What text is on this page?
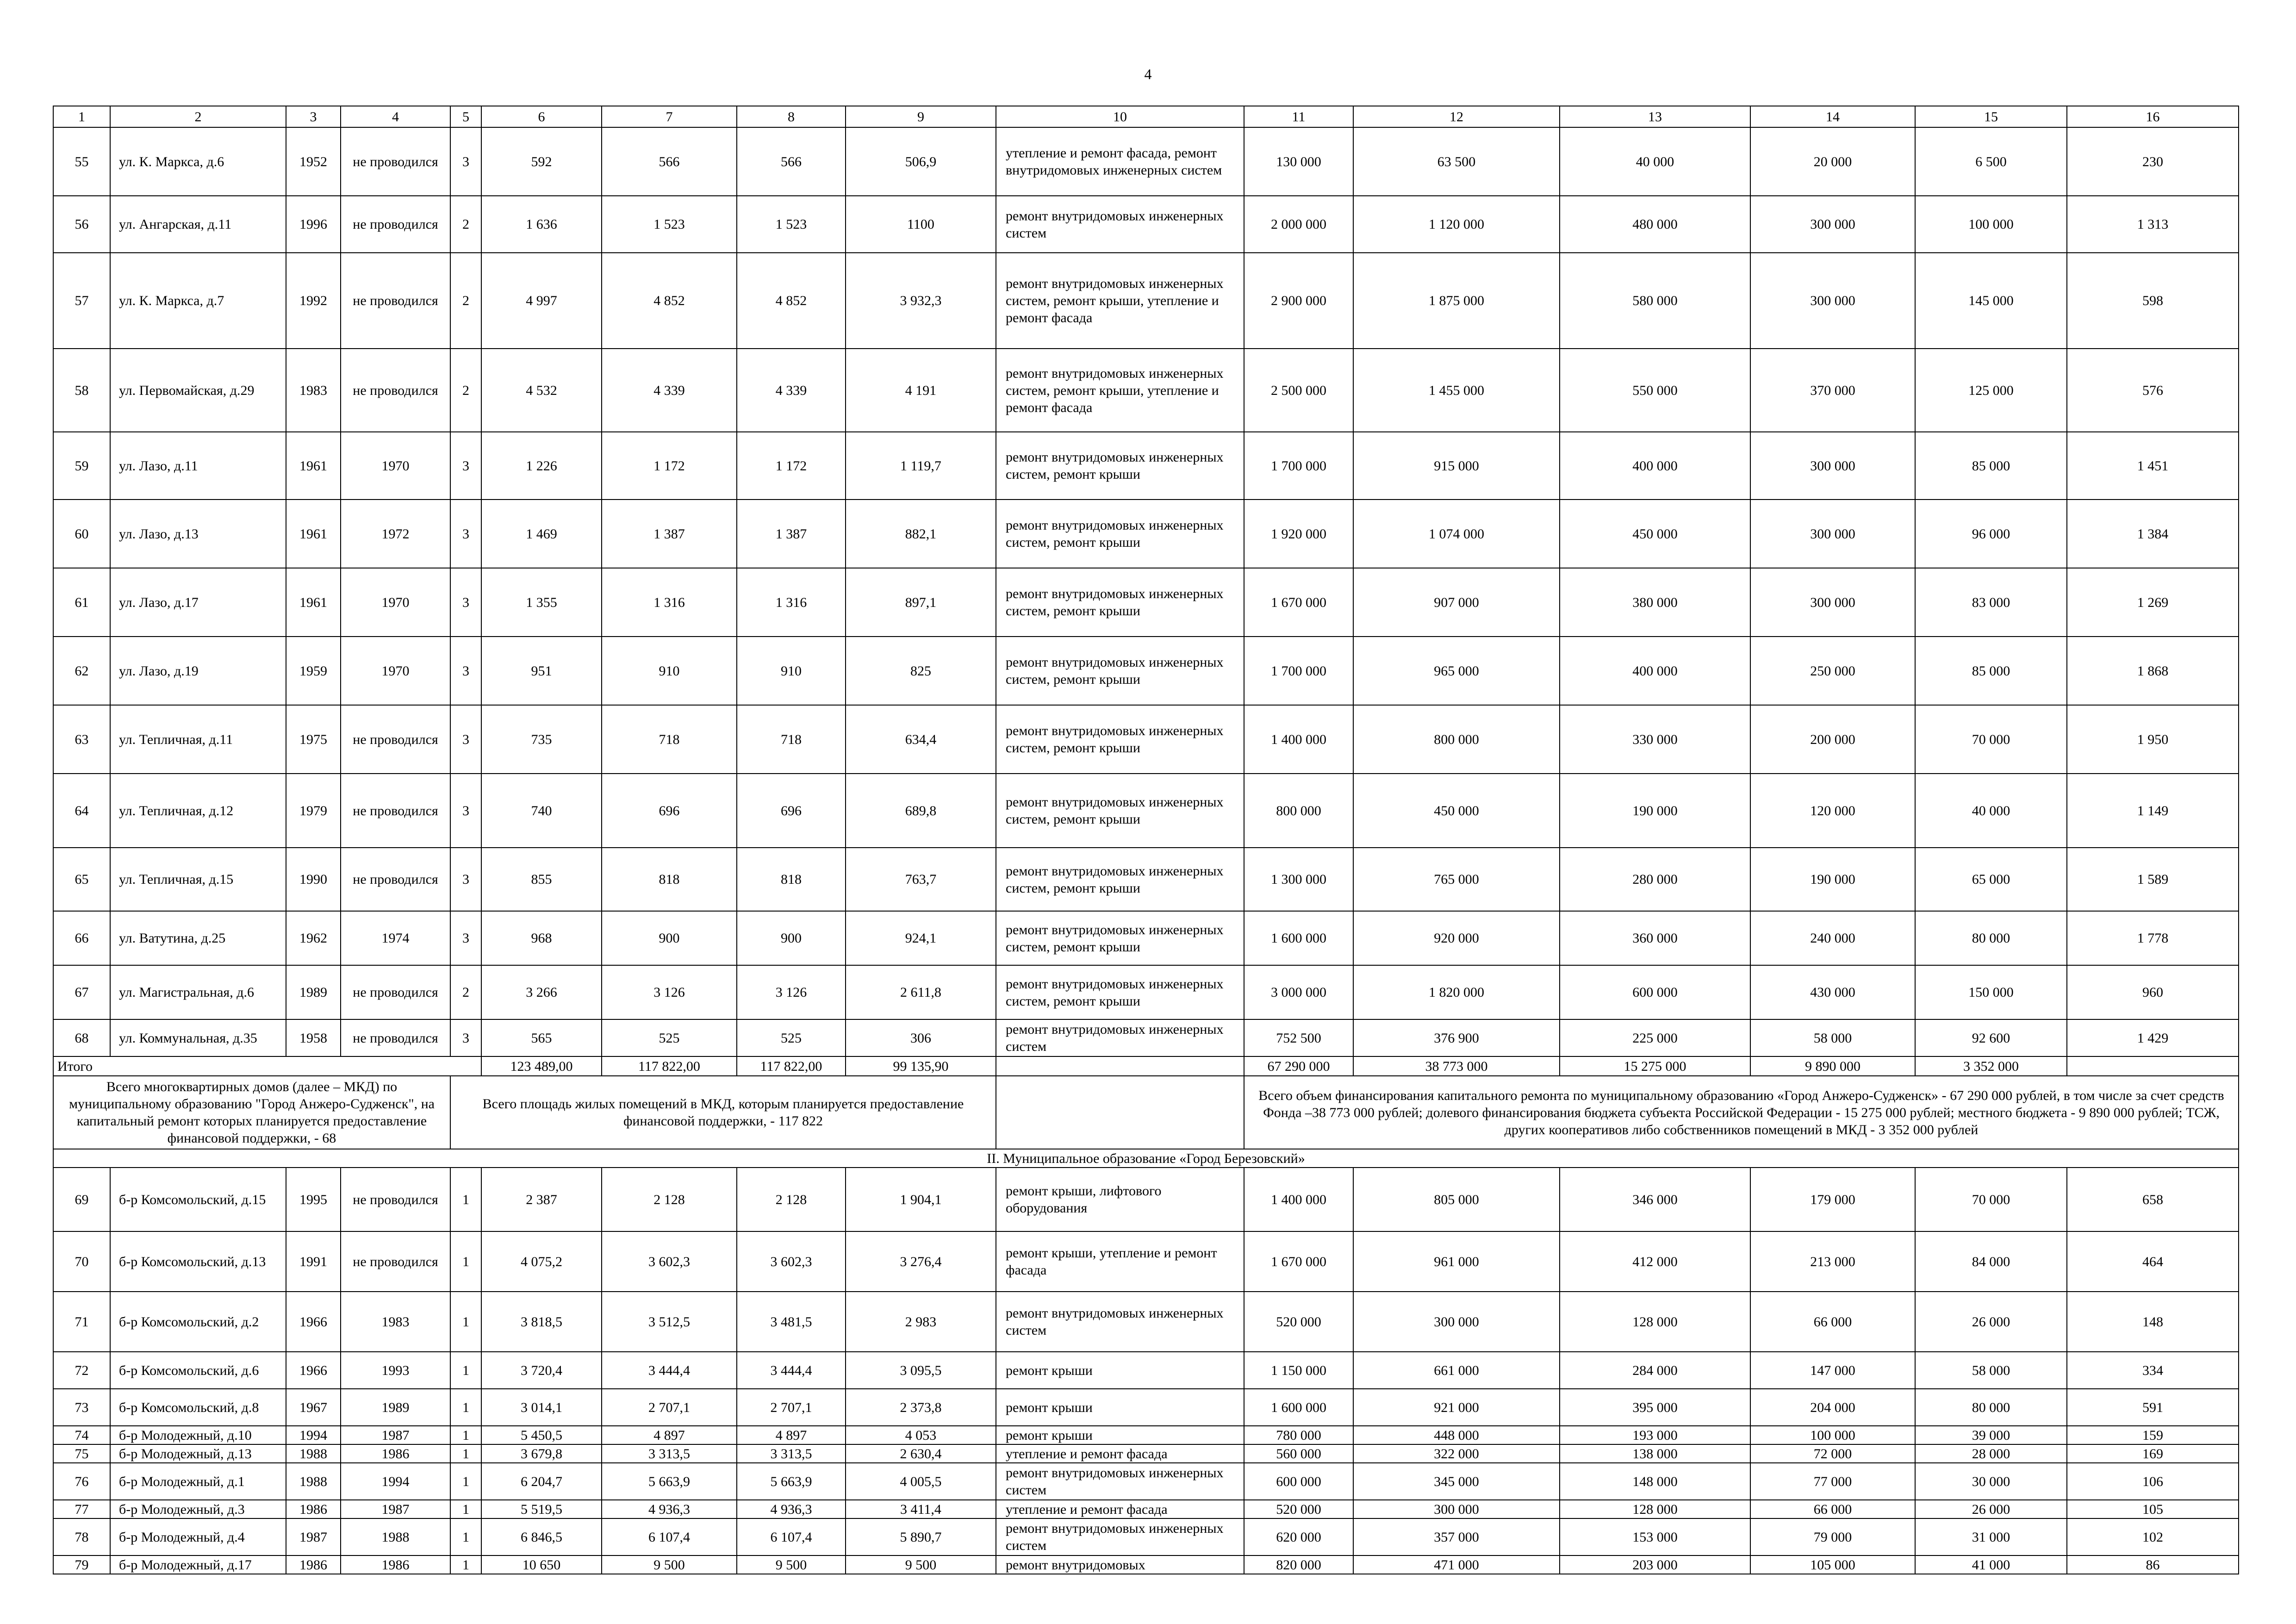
4
1	2	3	4	5	6	7	8	9	10	11	12	13	14	15	16
55	ул. К. Маркса, д.6	1952	не проводился	3	592	566	566	506,9	утепление и ремонт фасада, ремонт внутридомовых инженерных систем	130 000	63 500	40 000	20 000	6 500	230
56	ул. Ангарская, д.11	1996	не проводился	2	1 636	1 523	1 523	1100	ремонт внутридомовых инженерных систем	2 000 000	1 120 000	480 000	300 000	100 000	1 313
57	ул. К. Маркса, д.7	1992	не проводился	2	4 997	4 852	4 852	3 932,3	ремонт внутридомовых инженерных систем, ремонт крыши, утепление и ремонт фасада	2 900 000	1 875 000	580 000	300 000	145 000	598
58	ул. Первомайская, д.29	1983	не проводился	2	4 532	4 339	4 339	4 191	ремонт внутридомовых инженерных систем, ремонт крыши, утепление и ремонт фасада	2 500 000	1 455 000	550 000	370 000	125 000	576
59	ул. Лазо, д.11	1961	1970	3	1 226	1 172	1 172	1 119,7	ремонт внутридомовых инженерных систем, ремонт крыши	1 700 000	915 000	400 000	300 000	85 000	1 451
60	ул. Лазо, д.13	1961	1972	3	1 469	1 387	1 387	882,1	ремонт внутридомовых инженерных систем, ремонт крыши	1 920 000	1 074 000	450 000	300 000	96 000	1 384
61	ул. Лазо, д.17	1961	1970	3	1 355	1 316	1 316	897,1	ремонт внутридомовых инженерных систем, ремонт крыши	1 670 000	907 000	380 000	300 000	83 000	1 269
62	ул. Лазо, д.19	1959	1970	3	951	910	910	825	ремонт внутридомовых инженерных систем, ремонт крыши	1 700 000	965 000	400 000	250 000	85 000	1 868
63	ул. Тепличная, д.11	1975	не проводился	3	735	718	718	634,4	ремонт внутридомовых инженерных систем, ремонт крыши	1 400 000	800 000	330 000	200 000	70 000	1 950
64	ул. Тепличная, д.12	1979	не проводился	3	740	696	696	689,8	ремонт внутридомовых инженерных систем, ремонт крыши	800 000	450 000	190 000	120 000	40 000	1 149
65	ул. Тепличная, д.15	1990	не проводился	3	855	818	818	763,7	ремонт внутридомовых инженерных систем, ремонт крыши	1 300 000	765 000	280 000	190 000	65 000	1 589
66	ул. Ватутина, д.25	1962	1974	3	968	900	900	924,1	ремонт внутридомовых инженерных систем, ремонт крыши	1 600 000	920 000	360 000	240 000	80 000	1 778
67	ул. Магистральная, д.6	1989	не проводился	2	3 266	3 126	3 126	2 611,8	ремонт внутридомовых инженерных систем, ремонт крыши	3 000 000	1 820 000	600 000	430 000	150 000	960
68	ул. Коммунальная, д.35	1958	не проводился	3	565	525	525	306	ремонт внутридомовых инженерных систем	752 500	376 900	225 000	58 000	92 600	1 429
Итого					123 489,00	117 822,00	117 822,00	99 135,90		67 290 000	38 773 000	15 275 000	9 890 000	3 352 000	
Всего многоквартирных домов (далее – МКД) по муниципальному образованию "Город Анжеро-Судженск", на капитальный ремонт которых планируется предоставление финансовой поддержки, - 68				Всего площадь жилых помещений в МКД, которым планируется предоставление финансовой поддержки, - 117 822						Всего объем финансирования капитального ремонта по муниципальному образованию «Город Анжеро-Судженск» - 67 290 000 рублей, в том числе за счет средств Фонда –38 773 000 рублей; долевого финансирования бюджета субъекта Российской Федерации - 15 275 000 рублей; местного бюджета - 9 890 000 рублей; ТСЖ, других кооперативов либо собственников помещений в МКД - 3 352 000 рублей					
II. Муниципальное образование «Город Березовский»															
69	б-р Комсомольский, д.15	1995	не проводился	1	2 387	2 128	2 128	1 904,1	ремонт крыши, лифтового оборудования	1 400 000	805 000	346 000	179 000	70 000	658
70	б-р Комсомольский, д.13	1991	не проводился	1	4 075,2	3 602,3	3 602,3	3 276,4	ремонт крыши, утепление и ремонт фасада	1 670 000	961 000	412 000	213 000	84 000	464
71	б-р Комсомольский, д.2	1966	1983	1	3 818,5	3 512,5	3 481,5	2 983	ремонт внутридомовых инженерных систем	520 000	300 000	128 000	66 000	26 000	148
72	б-р Комсомольский, д.6	1966	1993	1	3 720,4	3 444,4	3 444,4	3 095,5	ремонт крыши	1 150 000	661 000	284 000	147 000	58 000	334
73	б-р Комсомольский, д.8	1967	1989	1	3 014,1	2 707,1	2 707,1	2 373,8	ремонт крыши	1 600 000	921 000	395 000	204 000	80 000	591
74	б-р Молодежный, д.10	1994	1987	1	5 450,5	4 897	4 897	4 053	ремонт крыши	780 000	448 000	193 000	100 000	39 000	159
75	б-р Молодежный, д.13	1988	1986	1	3 679,8	3 313,5	3 313,5	2 630,4	утепление и ремонт фасада	560 000	322 000	138 000	72 000	28 000	169
76	б-р Молодежный, д.1	1988	1994	1	6 204,7	5 663,9	5 663,9	4 005,5	ремонт внутридомовых инженерных систем	600 000	345 000	148 000	77 000	30 000	106
77	б-р Молодежный, д.3	1986	1987	1	5 519,5	4 936,3	4 936,3	3 411,4	утепление и ремонт фасада	520 000	300 000	128 000	66 000	26 000	105
78	б-р Молодежный, д.4	1987	1988	1	6 846,5	6 107,4	6 107,4	5 890,7	ремонт внутридомовых инженерных систем	620 000	357 000	153 000	79 000	31 000	102
79	б-р Молодежный, д.17	1986	1986	1	10 650	9 500	9 500	9 500	ремонт внутридомовых	820 000	471 000	203 000	105 000	41 000	86
